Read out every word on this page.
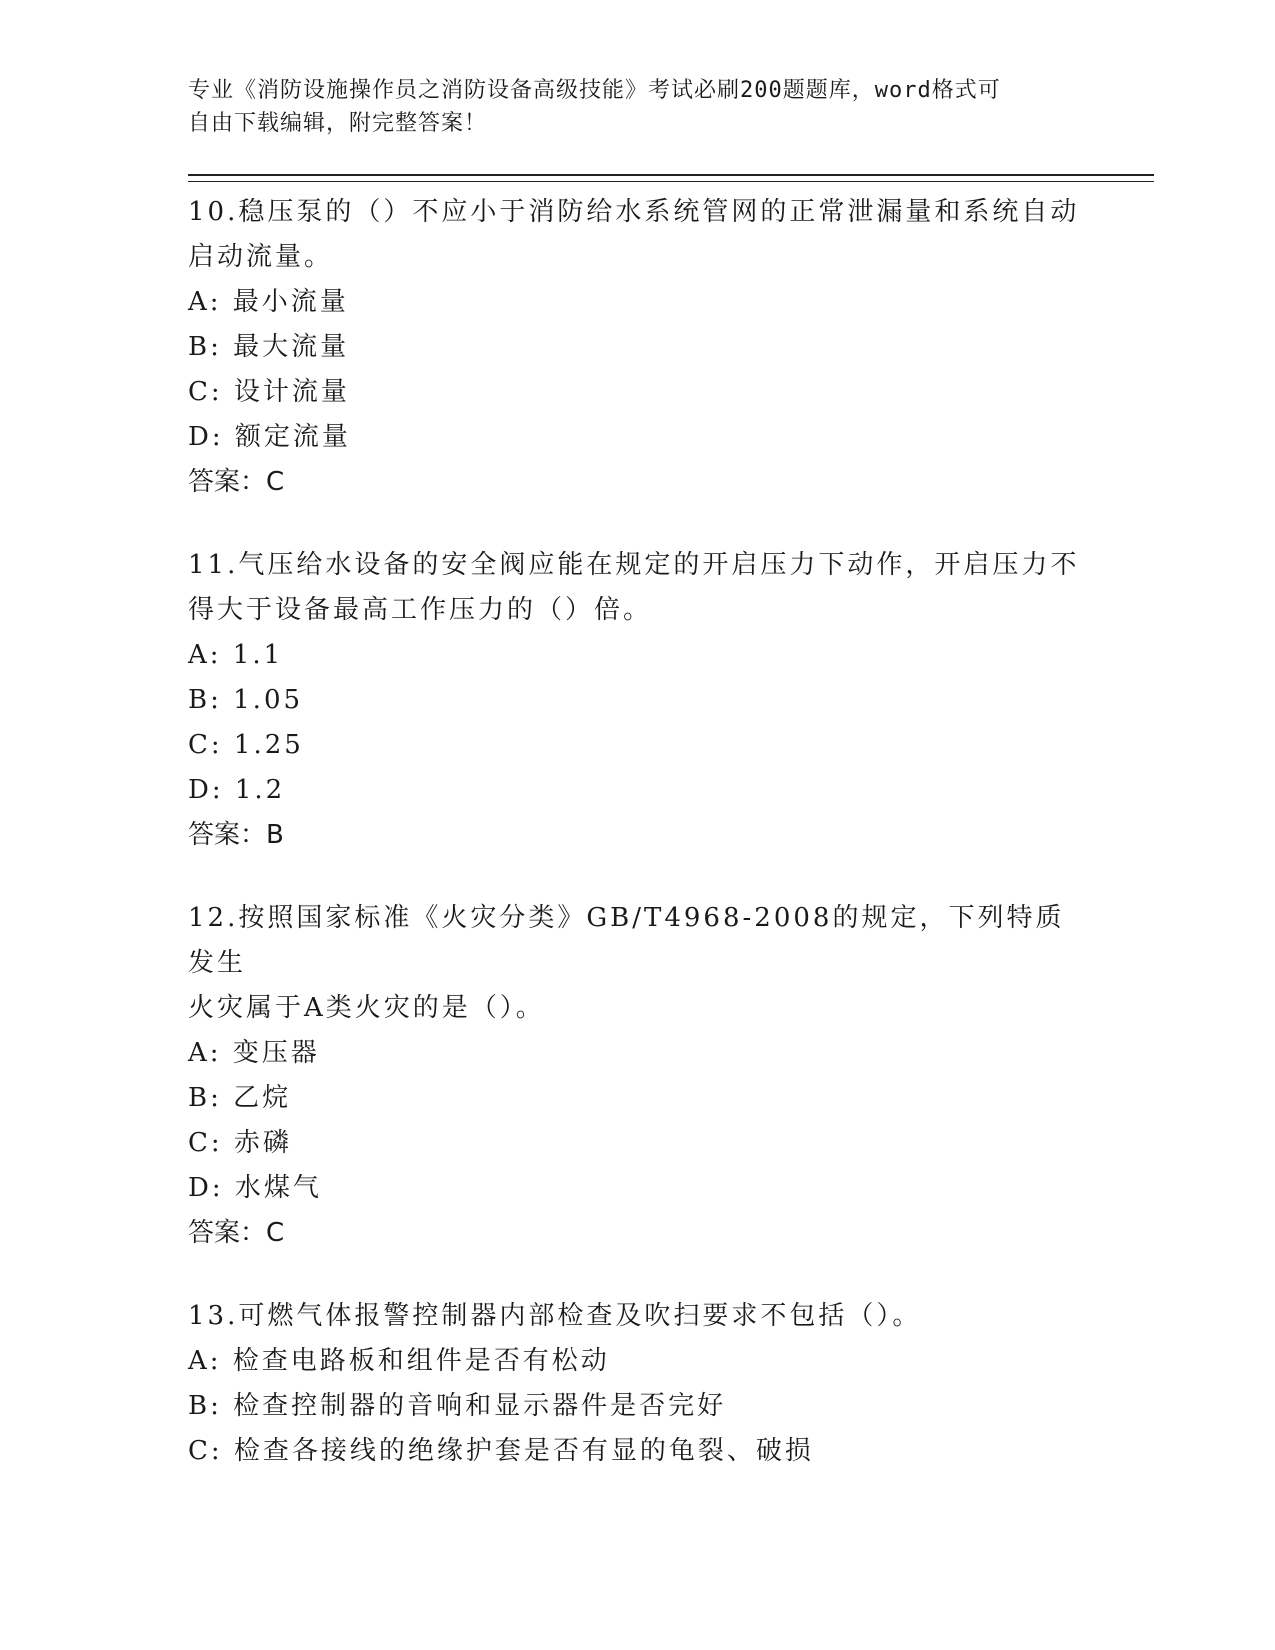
专业《消防设施操作员之消防设备高级技能》考试必刷200题题库，word格式可
自由下载编辑，附完整答案！

10.稳压泵的（）不应小于消防给水系统管网的正常泄漏量和系统自动
启动流量。

A: 最小流量

B: 最大流量

C: 设计流量

D: 额定流量

答案：C

11.气压给水设备的安全阀应能在规定的开启压力下动作，开启压力不
得大于设备最高工作压力的（）倍。

A: 1.1

B: 1.05

C: 1.25

D: 1.2

答案：B

12.按照国家标准《火灾分类》GB/T4968-2008的规定，下列特质发生
火灾属于A类火灾的是（）。

A: 变压器

B: 乙烷

C: 赤磷

D: 水煤气

答案：C

13.可燃气体报警控制器内部检查及吹扫要求不包括（）。

A: 检查电路板和组件是否有松动

B: 检查控制器的音响和显示器件是否完好

C: 检查各接线的绝缘护套是否有显的龟裂、破损
